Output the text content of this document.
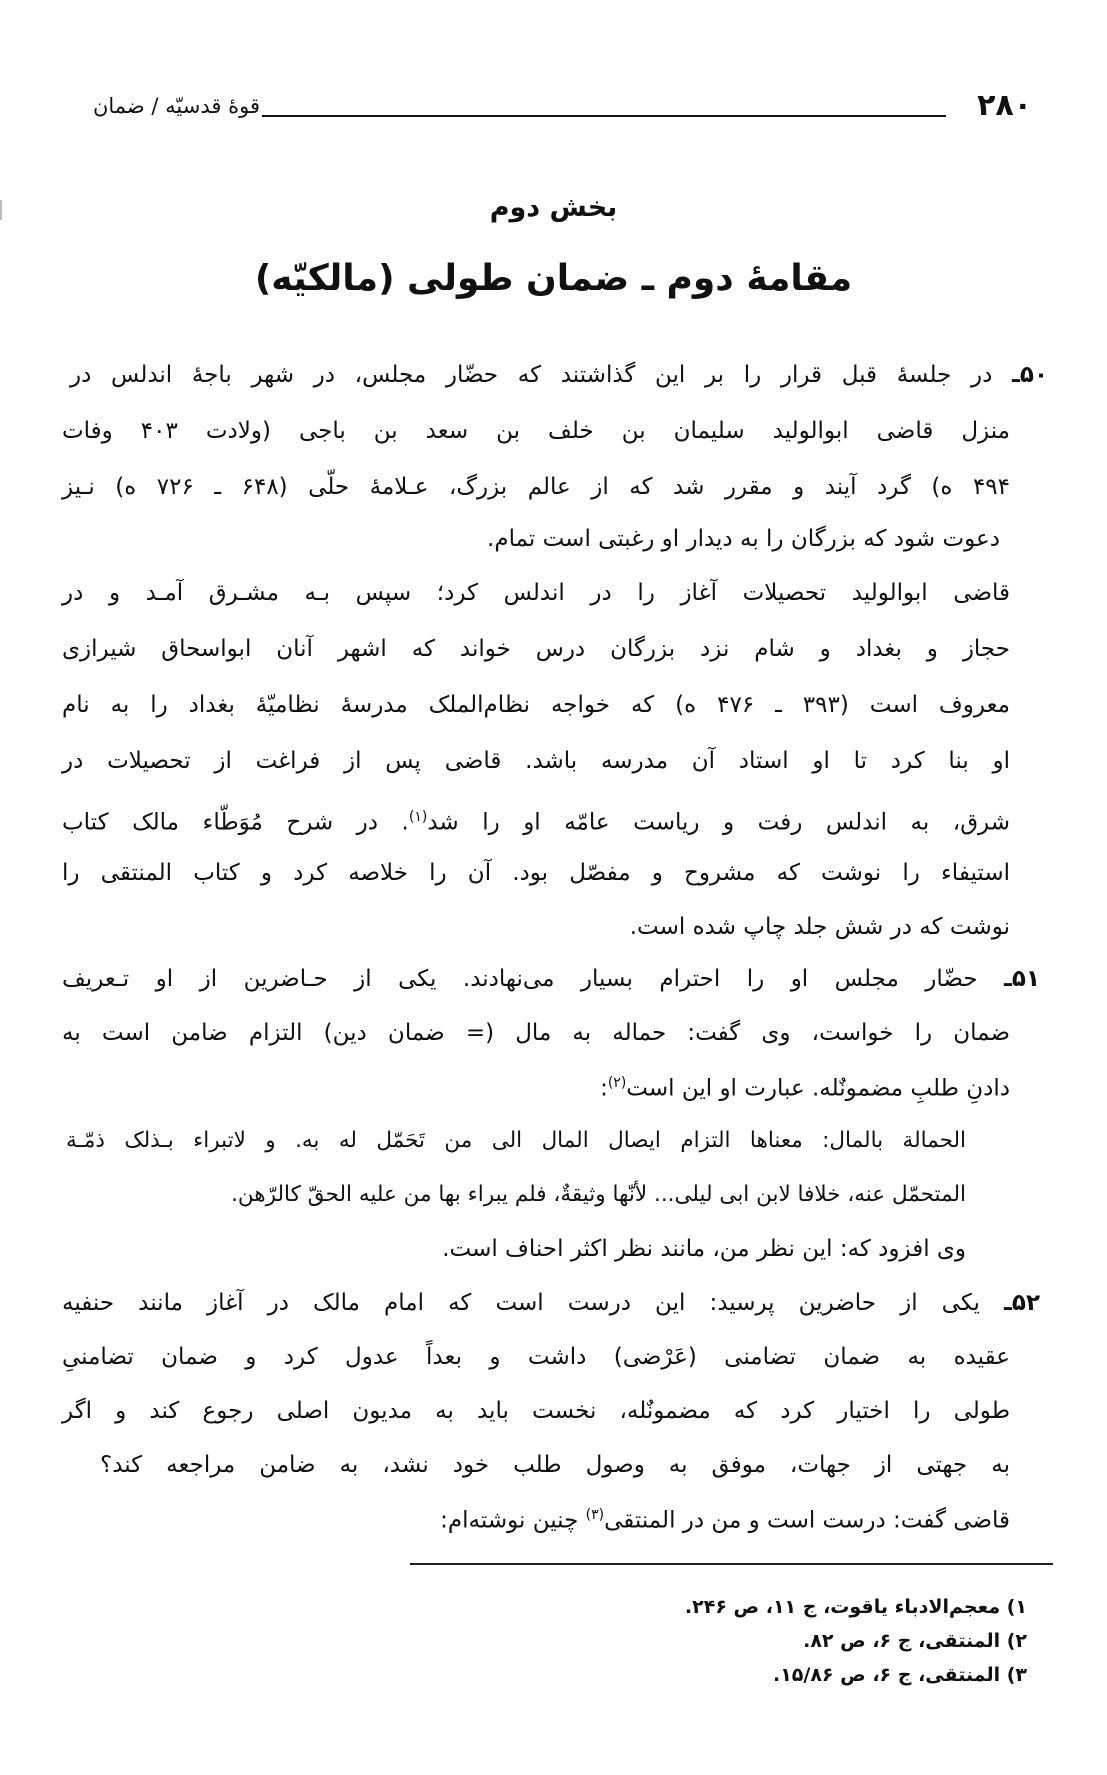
۲۸۰
قوهٔ قدسیّه / ضمان
بخش دوم
مقامهٔ دوم ـ ضمان طولی (مالکیّه)
۵۰ـ در جلسهٔ قبل قرار را بر این گذاشتند که حضّار مجلس، در شهر باجهٔ اندلس در
منزل قاضی ابوالولید سلیمان بن خلف بن سعد بن باجی (ولادت ۴۰۳ وفات
۴۹۴ ه) گرد آیند و مقرر شد که از عالم بزرگ، عـلامهٔ حلّی (۶۴۸ ـ ۷۲۶ ه) نـیز
دعوت شود که بزرگان را به دیدار او رغبتی است تمام.
قاضی ابوالولید تحصیلات آغاز را در اندلس کرد؛ سپس بـه مشـرق آمـد و در
حجاز و بغداد و شام نزد بزرگان درس خواند که اشهر آنان ابواسحاق شیرازی
معروف است (۳۹۳ ـ ۴۷۶ ه) که خواجه نظام‌الملک مدرسهٔ نظامیّهٔ بغداد را به نام
او بنا کرد تا او استاد آن مدرسه باشد. قاضی پس از فراغت از تحصیلات در
شرق، به اندلس رفت و ریاست عامّه او را شد$^{(۱)}$. در شرح مُوَطّاء مالک کتاب
استیفاء را نوشت که مشروح و مفصّل بود. آن را خلاصه کرد و کتاب المنتقی را
نوشت که در شش جلد چاپ شده است.
۵۱ـ حضّار مجلس او را احترام بسیار می‌نهادند. یکی از حـاضرین از او تـعریف
ضمان را خواست، وی گفت: حماله به مال (= ضمان دین) التزام ضامن است به
دادنِ طلبِ مضمونٌله. عبارت او این است$^{(۲)}$:
الحمالة بالمال: معناها التزام ایصال المال الی من تَحَمّل له به. و لاتبراء بـذلک ذمّـة
المتحمّل عنه، خلافا لابن ابی لیلی... لأنّها وثیقةٌ، فلم یبراء بها من علیه الحقّ کالرّهن.
وی افزود که: این نظر من، مانند نظر اکثر احناف است.
۵۲ـ یکی از حاضرین پرسید: این درست است که امام مالک در آغاز مانند حنفیه
عقیده به ضمان تضامنی (عَرْضی) داشت و بعداً عدول کرد و ضمان تضامنیِ
طولی را اختیار کرد که مضمونٌله، نخست باید به مدیون اصلی رجوع کند و اگر
به جهتی از جهات، موفق به وصول طلب خود نشد، به ضامن مراجعه کند؟
قاضی گفت: درست است و من در المنتقی$^{(۳)}$ چنین نوشته‌ام:
۱) معجم‌الادباء یاقوت، ج ۱۱، ص ۲۴۶.
۲) المنتقی، ج ۶، ص ۸۲.
۳) المنتقی، ج ۶، ص ۱۵/۸۶.
